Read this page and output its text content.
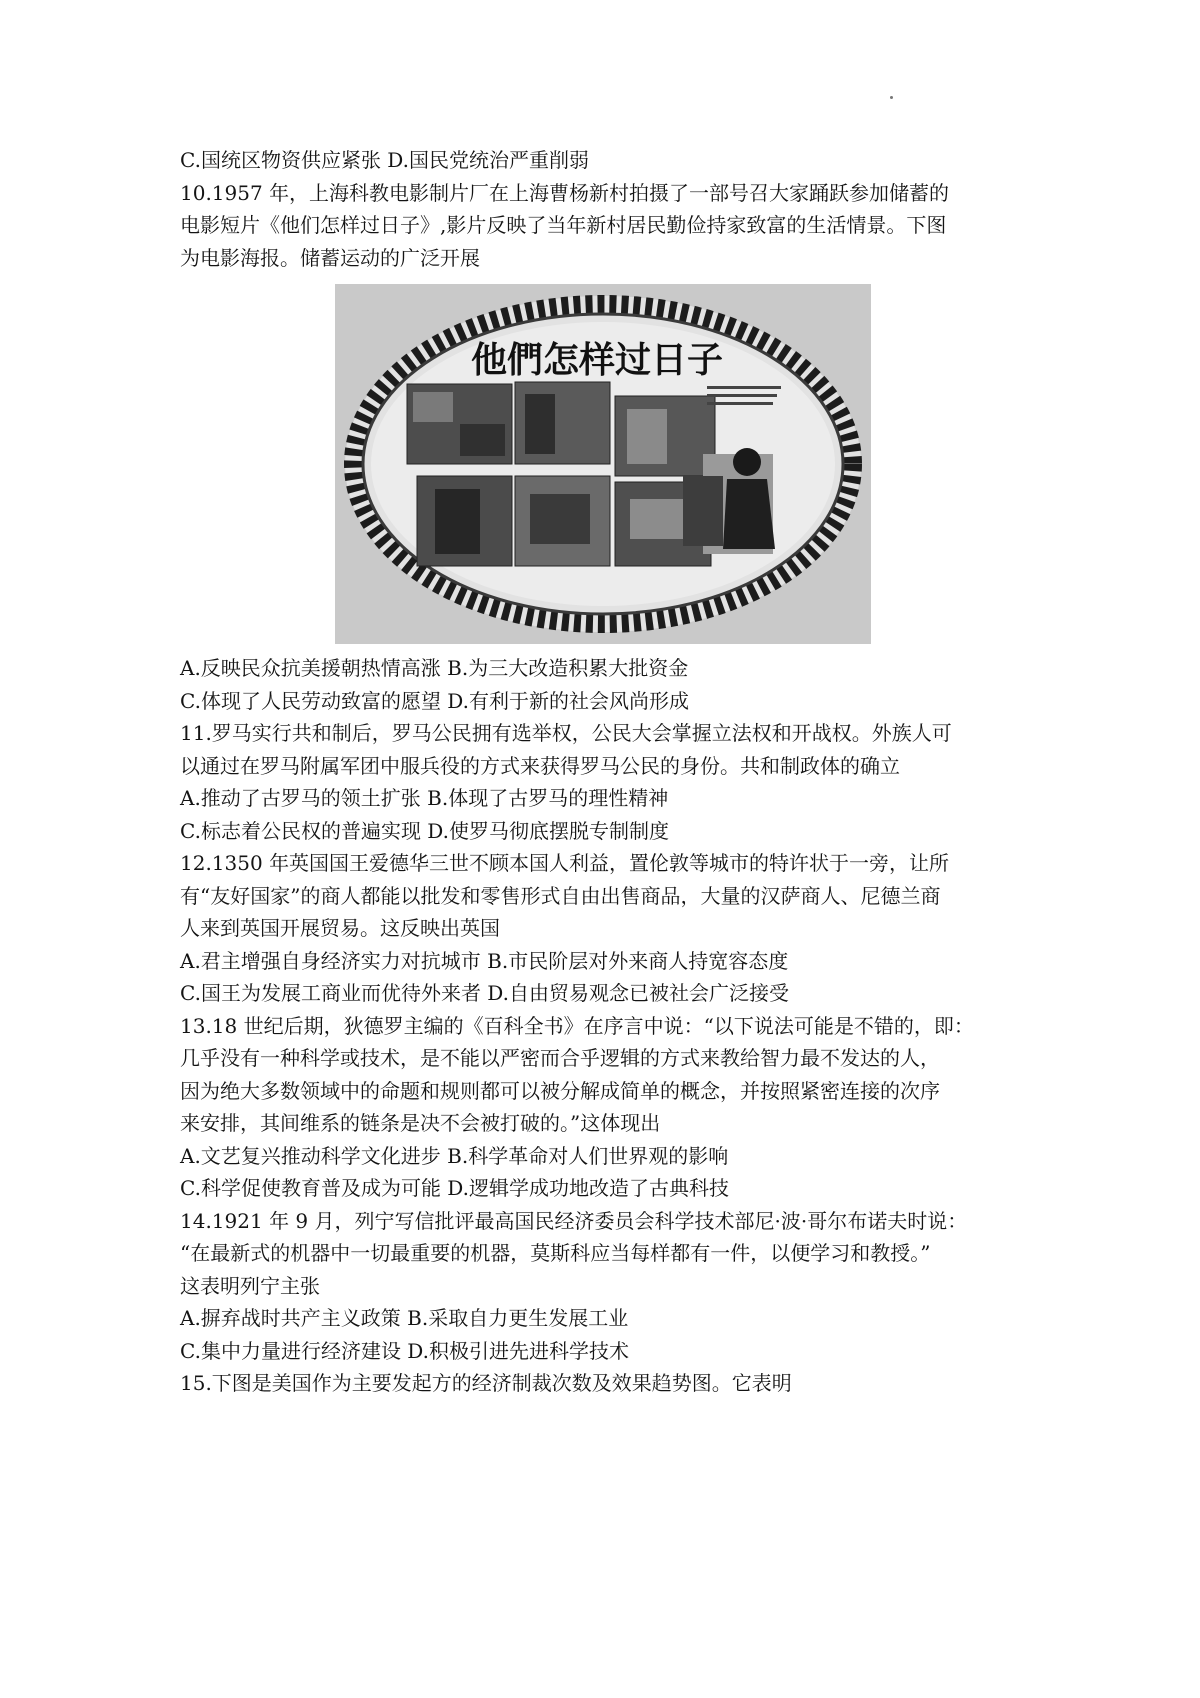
C.国统区物资供应紧张 D.国民党统治严重削弱
10.1957 年，上海科教电影制片厂在上海曹杨新村拍摄了一部号召大家踊跃参加储蓄的
电影短片《他们怎样过日子》,影片反映了当年新村居民勤俭持家致富的生活情景。下图
为电影海报。储蓄运动的广泛开展
他們怎样过日子
A.反映民众抗美援朝热情高涨 B.为三大改造积累大批资金
C.体现了人民劳动致富的愿望 D.有利于新的社会风尚形成
11.罗马实行共和制后，罗马公民拥有选举权，公民大会掌握立法权和开战权。外族人可
以通过在罗马附属军团中服兵役的方式来获得罗马公民的身份。共和制政体的确立
A.推动了古罗马的领土扩张 B.体现了古罗马的理性精神
C.标志着公民权的普遍实现 D.使罗马彻底摆脱专制制度
12.1350 年英国国王爱德华三世不顾本国人利益，置伦敦等城市的特许状于一旁，让所
有“友好国家”的商人都能以批发和零售形式自由出售商品，大量的汉萨商人、尼德兰商
人来到英国开展贸易。这反映出英国
A.君主增强自身经济实力对抗城市 B.市民阶层对外来商人持宽容态度
C.国王为发展工商业而优待外来者 D.自由贸易观念已被社会广泛接受
13.18 世纪后期，狄德罗主编的《百科全书》在序言中说：“以下说法可能是不错的，即：
几乎没有一种科学或技术，是不能以严密而合乎逻辑的方式来教给智力最不发达的人，
因为绝大多数领域中的命题和规则都可以被分解成简单的概念，并按照紧密连接的次序
来安排，其间维系的链条是决不会被打破的。”这体现出
A.文艺复兴推动科学文化进步 B.科学革命对人们世界观的影响
C.科学促使教育普及成为可能 D.逻辑学成功地改造了古典科技
14.1921 年 9 月，列宁写信批评最高国民经济委员会科学技术部尼·波·哥尔布诺夫时说：
“在最新式的机器中一切最重要的机器，莫斯科应当每样都有一件，以便学习和教授。”
这表明列宁主张
A.摒弃战时共产主义政策 B.采取自力更生发展工业
C.集中力量进行经济建设 D.积极引进先进科学技术
15.下图是美国作为主要发起方的经济制裁次数及效果趋势图。它表明
